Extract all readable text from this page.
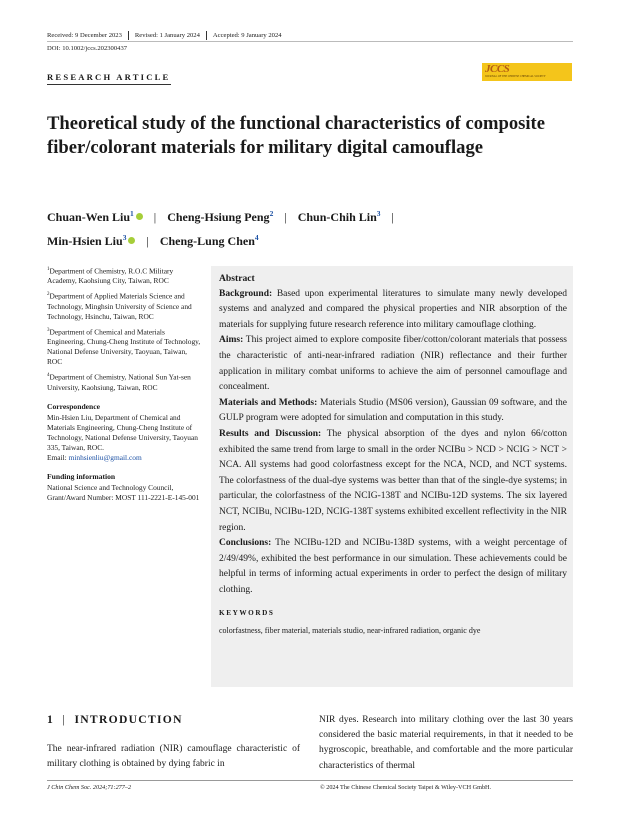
Received: 9 December 2023	Revised: 1 January 2024	Accepted: 9 January 2024
DOI: 10.1002/jccs.202300437
RESEARCH ARTICLE
JCCS
JOURNAL OF THE CHINESE CHEMICAL SOCIETY
Theoretical study of the functional characteristics of composite fiber/colorant materials for military digital camouflage
Chuan-Wen Liu$^1$ | Cheng-Hsiung Peng$^2$ | Chun-Chih Lin$^3$ |
Min-Hsien Liu$^3$ | Cheng-Lung Chen$^4$

$^1$Department of Chemistry, R.O.C Military Academy, Kaohsiung City, Taiwan, ROC

$^2$Department of Applied Materials Science and Technology, Minghsin University of Science and Technology, Hsinchu, Taiwan, ROC

$^3$Department of Chemical and Materials Engineering, Chung-Cheng Institute of Technology, National Defense University, Taoyuan, Taiwan, ROC

$^4$Department of Chemistry, National Sun Yat-sen University, Kaohsiung, Taiwan, ROC

Correspondence

Min-Hsien Liu, Department of Chemical and Materials Engineering, Chung-Cheng Institute of Technology, National Defense University, Taoyuan 335, Taiwan, ROC.
Email: minhsienliu@gmail.com

Funding information

National Science and Technology Council, Grant/Award Number: MOST 111-2221-E-145-001

Abstract

Background: Based upon experimental literatures to simulate many newly developed systems and analyzed and compared the physical properties and NIR absorption of the materials for supplying future research reference into military camouflage clothing.

Aims: This project aimed to explore composite fiber/cotton/colorant materials that possess the characteristic of anti-near-infrared radiation (NIR) reflectance and their further application in military combat uniforms to achieve the aim of personnel camouflage and concealment.

Materials and Methods: Materials Studio (MS06 version), Gaussian 09 software, and the GULP program were adopted for simulation and computation in this study.

Results and Discussion: The physical absorption of the dyes and nylon 66/cotton exhibited the same trend from large to small in the order NCIBu > NCD > NCIG > NCT > NCA. All systems had good colorfastness except for the NCA, NCD, and NCT systems. The colorfastness of the dual-dye systems was better than that of the single-dye systems; in particular, the colorfastness of the NCIG-138T and NCIBu-12D systems. The six layered NCT, NCIBu, NCIBu-12D, NCIG-138T systems exhibited excellent reflectivity in the NIR region.

Conclusions: The NCIBu-12D and NCIBu-138D systems, with a weight percentage of 2/49/49%, exhibited the best performance in our simulation. These achievements could be helpful in terms of informing actual experiments in order to perfect the design of military clothing.

KEYWORDS
colorfastness, fiber material, materials studio, near-infrared radiation, organic dye
1 | INTRODUCTION
The near-infrared radiation (NIR) camouflage characteristic of military clothing is obtained by dying fabric in
NIR dyes. Research into military clothing over the last 30 years considered the basic material requirements, in that it needed to be hygroscopic, breathable, and comfortable and the more particular characteristics of thermal
J Chin Chem Soc. 2024;71:277–2	© 2024 The Chinese Chemical Society Taipei & Wiley-VCH GmbH.
